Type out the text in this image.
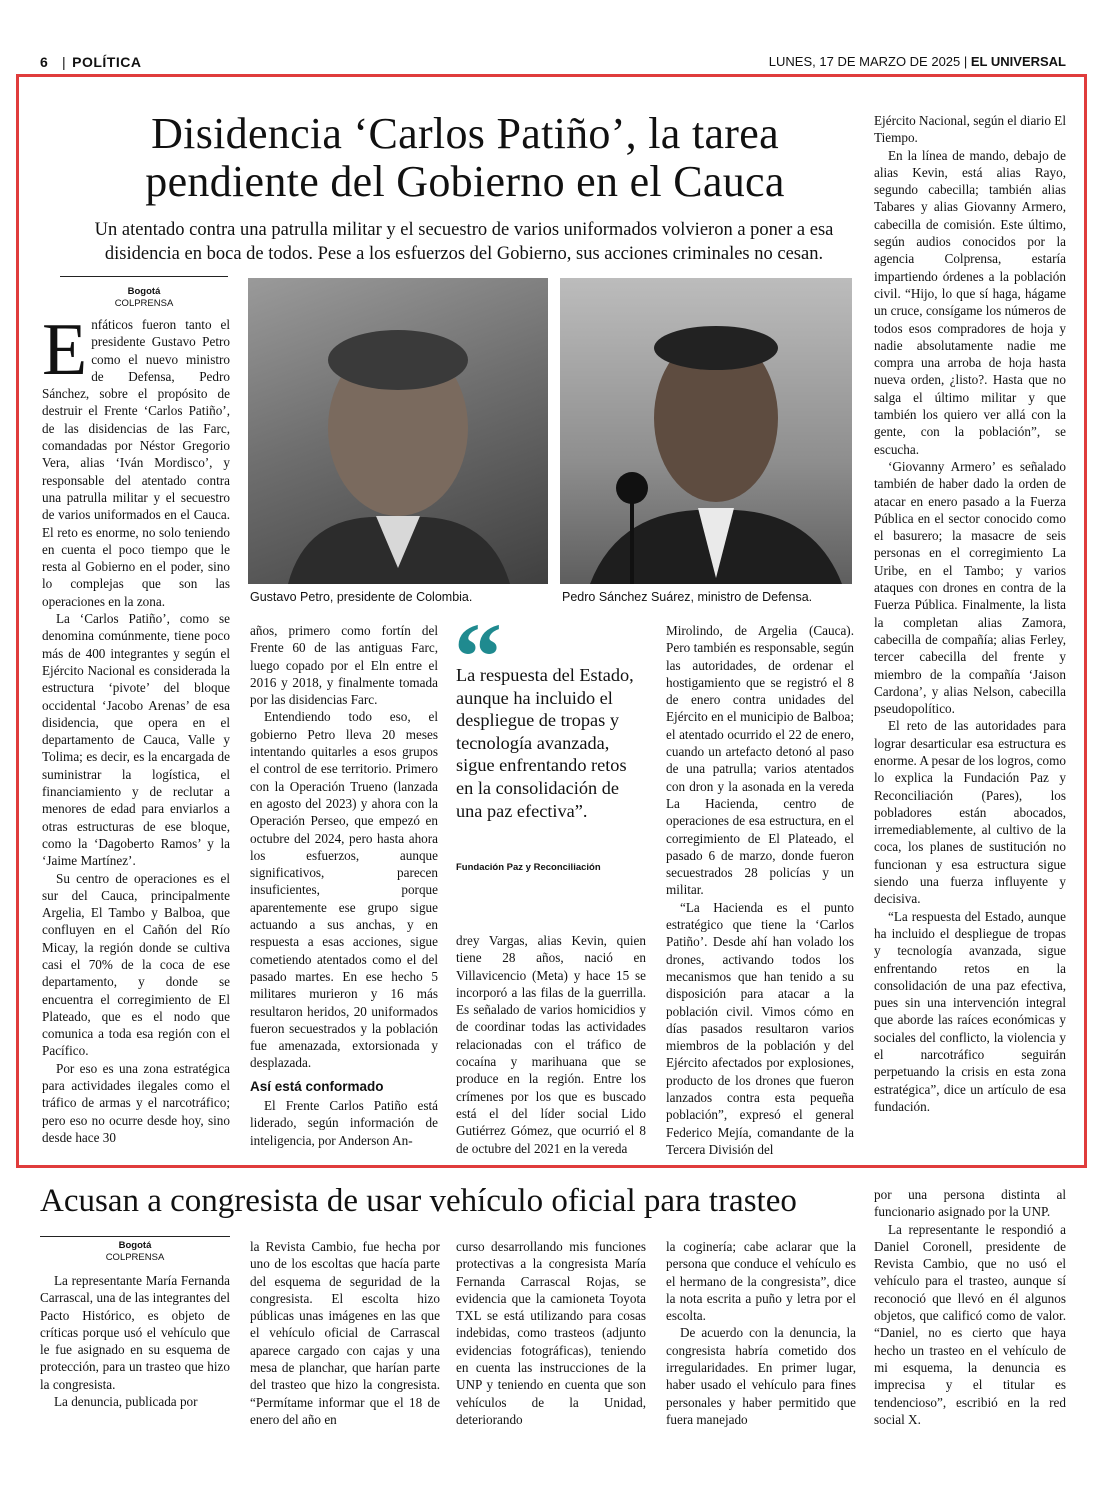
6
|	POLÍTICA	LUNES, 17 DE MARZO DE 2025 | EL UNIVERSAL
Disidencia ‘Carlos Patiño’, la tarea pendiente del Gobierno en el Cauca
Un atentado contra una patrulla militar y el secuestro de varios uniformados volvieron a poner a esa disidencia en boca de todos. Pese a los esfuerzos del Gobierno, sus acciones criminales no cesan.
Bogotá
COLPRENSA

Enfáticos fueron tanto el presidente Gustavo Petro como el nuevo ministro de Defensa, Pedro Sánchez, sobre el propósito de destruir el Frente ‘Carlos Patiño’, de las disidencias de las Farc, comandadas por Néstor Gregorio Vera, alias ‘Iván Mordisco’, y responsable del atentado contra una patrulla militar y el secuestro de varios uniformados en el Cauca. El reto es enorme, no solo teniendo en cuenta el poco tiempo que le resta al Gobierno en el poder, sino lo complejas que son las operaciones en la zona.

La ‘Carlos Patiño’, como se denomina comúnmente, tiene poco más de 400 integrantes y según el Ejército Nacional es considerada la estructura ‘pivote’ del bloque occidental ‘Jacobo Arenas’ de esa disidencia, que opera en el departamento de Cauca, Valle y Tolima; es decir, es la encargada de suministrar la logística, el financiamiento y de reclutar a menores de edad para enviarlos a otras estructuras de ese bloque, como la ‘Dagoberto Ramos’ y la ‘Jaime Martínez’.

Su centro de operaciones es el sur del Cauca, principalmente Argelia, El Tambo y Balboa, que confluyen en el Cañón del Río Micay, la región donde se cultiva casi el 70% de la coca de ese departamento, y donde se encuentra el corregimiento de El Plateado, que es el nodo que comunica a toda esa región con el Pacífico.

Por eso es una zona estratégica para actividades ilegales como el tráfico de armas y el narcotráfico; pero eso no ocurre desde hoy, sino desde hace 30

Gustavo Petro, presidente de Colombia.	Pedro Sánchez Suárez, ministro de Defensa.

años, primero como fortín del Frente 60 de las antiguas Farc, luego copado por el Eln entre el 2016 y 2018, y finalmente tomada por las disidencias Farc.

Entendiendo todo eso, el gobierno Petro lleva 20 meses intentando quitarles a esos grupos el control de ese territorio. Primero con la Operación Trueno (lanzada en agosto del 2023) y ahora con la Operación Perseo, que empezó en octubre del 2024, pero hasta ahora los esfuerzos, aunque significativos, parecen insuficientes, porque aparentemente ese grupo sigue actuando a sus anchas, y en respuesta a esas acciones, sigue cometiendo atentados como el del pasado martes. En ese hecho 5 militares murieron y 16 más resultaron heridos, 20 uniformados fueron secuestrados y la población fue amenazada, extorsionada y desplazada.

Así está conformado

El Frente Carlos Patiño está liderado, según información de inteligencia, por Anderson An-

“
La respuesta del Estado, aunque ha incluido el despliegue de tropas y tecnología avanzada, sigue enfrentando retos en la consolidación de una paz efectiva”.
Fundación Paz y Reconciliación

drey Vargas, alias Kevin, quien tiene 28 años, nació en Villavicencio (Meta) y hace 15 se incorporó a las filas de la guerrilla. Es señalado de varios homicidios y de coordinar todas las actividades relacionadas con el tráfico de cocaína y marihuana que se produce en la región. Entre los crímenes por los que es buscado está el del líder social Lido Gutiérrez Gómez, que ocurrió el 8 de octubre del 2021 en la vereda

Mirolindo, de Argelia (Cauca). Pero también es responsable, según las autoridades, de ordenar el hostigamiento que se registró el 8 de enero contra unidades del Ejército en el municipio de Balboa; el atentado ocurrido el 22 de enero, cuando un artefacto detonó al paso de una patrulla; varios atentados con dron y la asonada en la vereda La Hacienda, centro de operaciones de esa estructura, en el corregimiento de El Plateado, el pasado 6 de marzo, donde fueron secuestrados 28 policías y un militar.

“La Hacienda es el punto estratégico que tiene la ‘Carlos Patiño’. Desde ahí han volado los drones, activando todos los mecanismos que han tenido a su disposición para atacar a la población civil. Vimos cómo en días pasados resultaron varios miembros de la población y del Ejército afectados por explosiones, producto de los drones que fueron lanzados contra esta pequeña población”, expresó el general Federico Mejía, comandante de la Tercera División del

Ejército Nacional, según el diario El Tiempo.

En la línea de mando, debajo de alias Kevin, está alias Rayo, segundo cabecilla; también alias Tabares y alias Giovanny Armero, cabecilla de comisión. Este último, según audios conocidos por la agencia Colprensa, estaría impartiendo órdenes a la población civil. “Hijo, lo que sí haga, hágame un cruce, consígame los números de todos esos compradores de hoja y nadie absolutamente nadie me compra una arroba de hoja hasta nueva orden, ¿listo?. Hasta que no salga el último militar y que también los quiero ver allá con la gente, con la población”, se escucha.

‘Giovanny Armero’ es señalado también de haber dado la orden de atacar en enero pasado a la Fuerza Pública en el sector conocido como el basurero; la masacre de seis personas en el corregimiento La Uribe, en el Tambo; y varios ataques con drones en contra de la Fuerza Pública. Finalmente, la lista la completan alias Zamora, cabecilla de compañía; alias Ferley, tercer cabecilla del frente y miembro de la compañía ‘Jaison Cardona’, y alias Nelson, cabecilla pseudopolítico.

El reto de las autoridades para lograr desarticular esa estructura es enorme. A pesar de los logros, como lo explica la Fundación Paz y Reconciliación (Pares), los pobladores están abocados, irremediablemente, al cultivo de la coca, los planes de sustitución no funcionan y esa estructura sigue siendo una fuerza influyente y decisiva.

“La respuesta del Estado, aunque ha incluido el despliegue de tropas y tecnología avanzada, sigue enfrentando retos en la consolidación de una paz efectiva, pues sin una intervención integral que aborde las raíces económicas y sociales del conflicto, la violencia y el narcotráfico seguirán perpetuando la crisis en esta zona estratégica”, dice un artículo de esa fundación.

Acusan a congresista de usar vehículo oficial para trasteo
Bogotá
COLPRENSA

La representante María Fernanda Carrascal, una de las integrantes del Pacto Histórico, es objeto de críticas porque usó el vehículo que le fue asignado en su esquema de protección, para un trasteo que hizo la congresista.

La denuncia, publicada por

la Revista Cambio, fue hecha por uno de los escoltas que hacía parte del esquema de seguridad de la congresista. El escolta hizo públicas unas imágenes en las que el vehículo oficial de Carrascal aparece cargado con cajas y una mesa de planchar, que harían parte del trasteo que hizo la congresista. “Permítame informar que el 18 de enero del año en

curso desarrollando mis funciones protectivas a la congresista María Fernanda Carrascal Rojas, se evidencia que la camioneta Toyota TXL se está utilizando para cosas indebidas, como trasteos (adjunto evidencias fotográficas), teniendo en cuenta las instrucciones de la UNP y teniendo en cuenta que son vehículos de la Unidad, deteriorando

la coginería; cabe aclarar que la persona que conduce el vehículo es el hermano de la congresista”, dice la nota escrita a puño y letra por el escolta.

De acuerdo con la denuncia, la congresista habría cometido dos irregularidades. En primer lugar, haber usado el vehículo para fines personales y haber permitido que fuera manejado

por una persona distinta al funcionario asignado por la UNP.

La representante le respondió a Daniel Coronell, presidente de Revista Cambio, que no usó el vehículo para el trasteo, aunque sí reconoció que llevó en él algunos objetos, que calificó como de valor. “Daniel, no es cierto que haya hecho un trasteo en el vehículo de mi esquema, la denuncia es imprecisa y el titular es tendencioso”, escribió en la red social X.
